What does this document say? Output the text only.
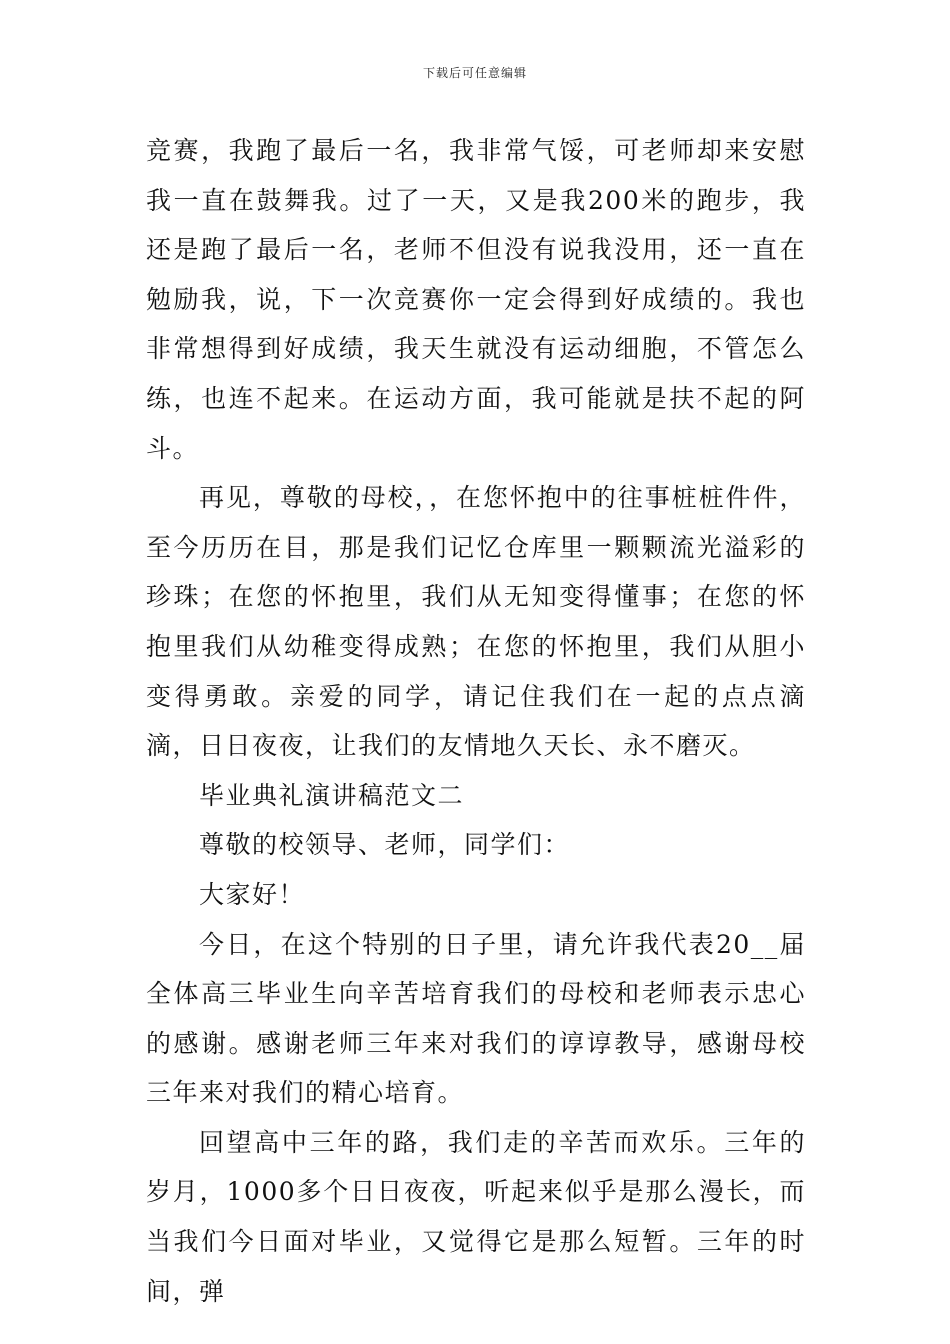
下载后可任意编辑

竞赛，我跑了最后一名，我非常气馁，可老师却来安慰我一直在鼓舞我。过了一天，又是我200米的跑步，我还是跑了最后一名，老师不但没有说我没用，还一直在勉励我，说，下一次竞赛你一定会得到好成绩的。我也非常想得到好成绩，我天生就没有运动细胞，不管怎么练，也连不起来。在运动方面，我可能就是扶不起的阿斗。

再见，尊敬的母校，，在您怀抱中的往事桩桩件件，至今历历在目，那是我们记忆仓库里一颗颗流光溢彩的珍珠；在您的怀抱里，我们从无知变得懂事；在您的怀抱里我们从幼稚变得成熟；在您的怀抱里，我们从胆小变得勇敢。亲爱的同学，请记住我们在一起的点点滴滴，日日夜夜，让我们的友情地久天长、永不磨灭。

毕业典礼演讲稿范文二

尊敬的校领导、老师，同学们：

大家好！

今日，在这个特别的日子里，请允许我代表20__届全体高三毕业生向辛苦培育我们的母校和老师表示忠心的感谢。感谢老师三年来对我们的谆谆教导，感谢母校三年来对我们的精心培育。

回望高中三年的路，我们走的辛苦而欢乐。三年的岁月，1000多个日日夜夜，听起来似乎是那么漫长，而当我们今日面对毕业，又觉得它是那么短暂。三年的时间，弹
